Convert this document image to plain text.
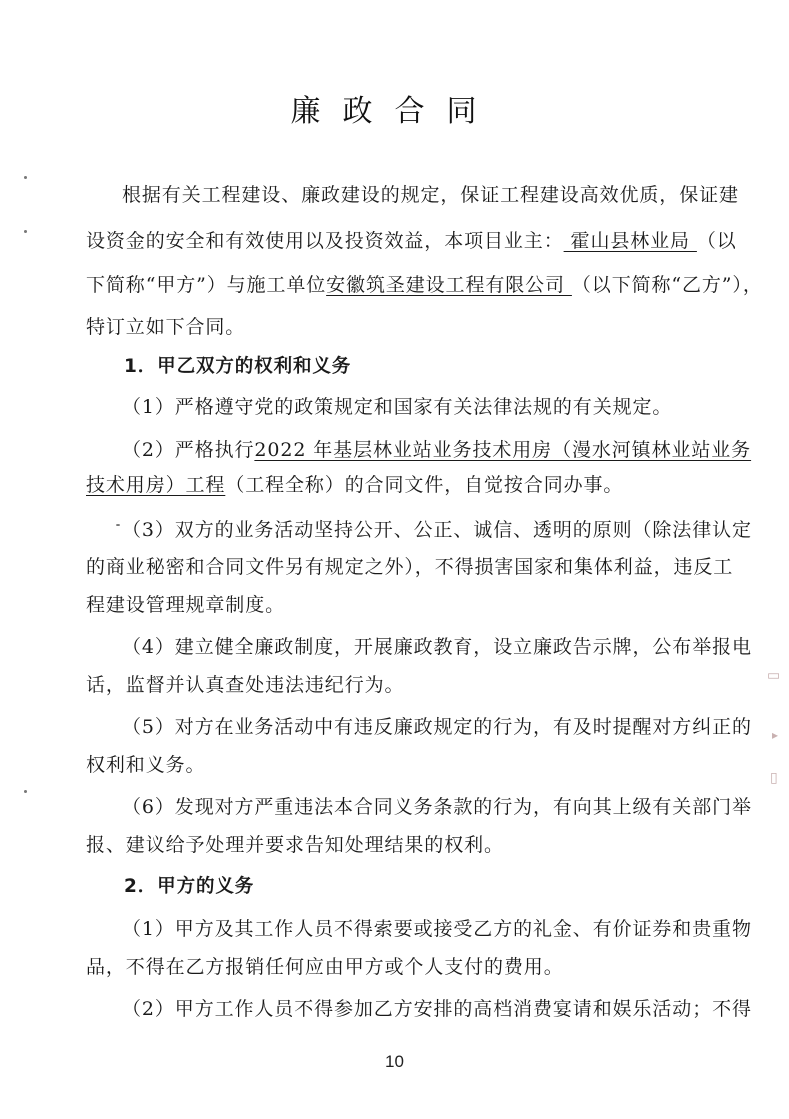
廉政合同
根据有关工程建设、廉政建设的规定，保证工程建设高效优质，保证建
设资金的安全和有效使用以及投资效益，本项目业主： 霍山县林业局 （以
下简称“甲方”）与施工单位安徽筑圣建设工程有限公司 （以下简称“乙方”），
特订立如下合同。
1．甲乙双方的权利和义务
（1）严格遵守党的政策规定和国家有关法律法规的有关规定。
（2）严格执行2022 年基层林业站业务技术用房（漫水河镇林业站业务
技术用房）工程（工程全称）的合同文件，自觉按合同办事。
（3）双方的业务活动坚持公开、公正、诚信、透明的原则（除法律认定
的商业秘密和合同文件另有规定之外），不得损害国家和集体利益，违反工
程建设管理规章制度。
（4）建立健全廉政制度，开展廉政教育，设立廉政告示牌，公布举报电
话，监督并认真查处违法违纪行为。
（5）对方在业务活动中有违反廉政规定的行为，有及时提醒对方纠正的
权利和义务。
（6）发现对方严重违法本合同义务条款的行为，有向其上级有关部门举
报、建议给予处理并要求告知处理结果的权利。
2．甲方的义务
（1）甲方及其工作人员不得索要或接受乙方的礼金、有价证券和贵重物
品，不得在乙方报销任何应由甲方或个人支付的费用。
（2）甲方工作人员不得参加乙方安排的高档消费宴请和娱乐活动；不得
10
▯
▸
▯
